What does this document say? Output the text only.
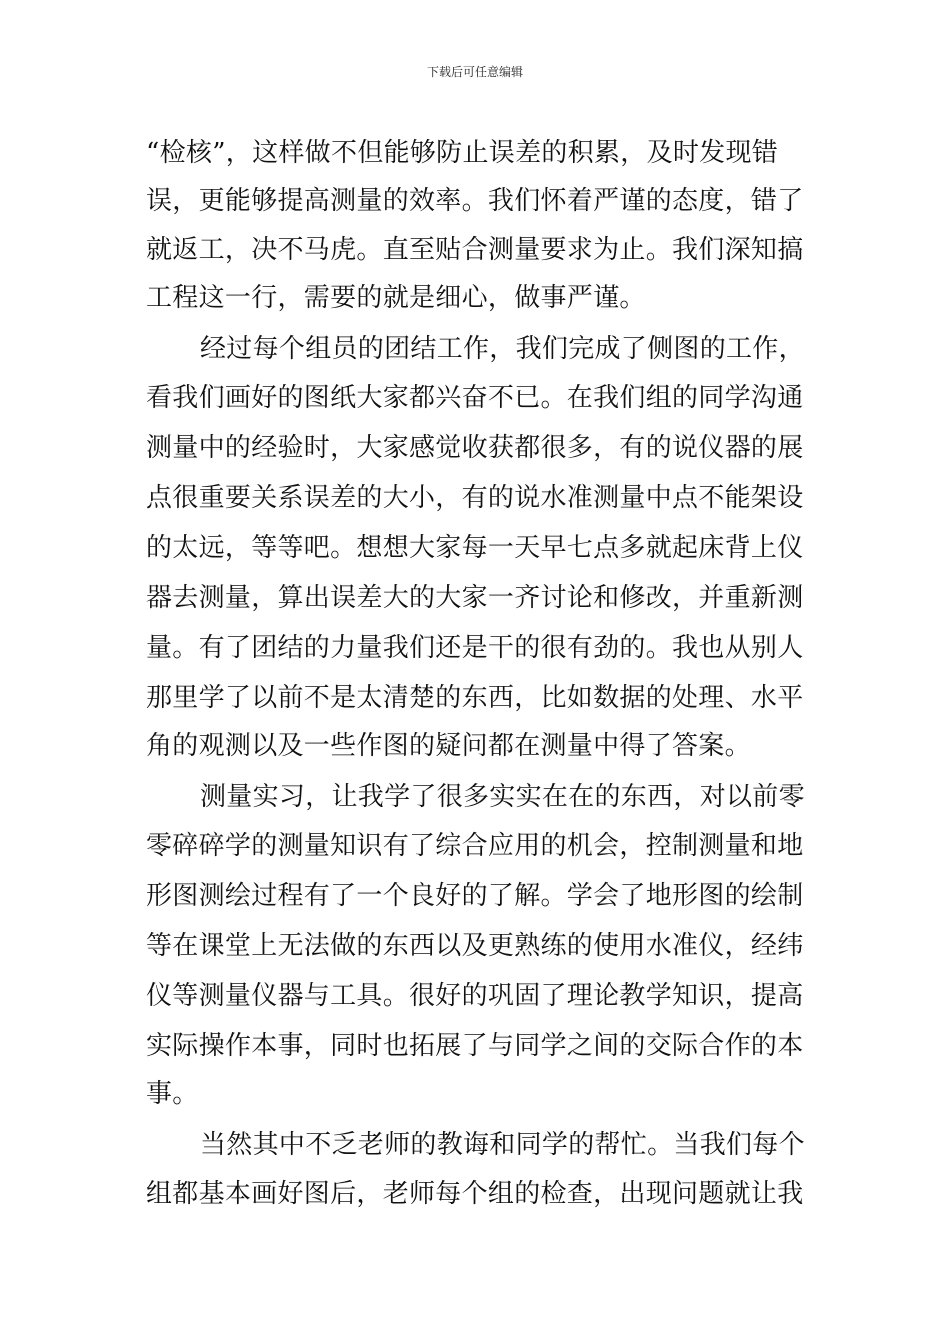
下载后可任意编辑
“检核”，这样做不但能够防止误差的积累，及时发现错
误，更能够提高测量的效率。我们怀着严谨的态度，错了
就返工，决不马虎。直至贴合测量要求为止。我们深知搞
工程这一行，需要的就是细心，做事严谨。
经过每个组员的团结工作，我们完成了侧图的工作，
看我们画好的图纸大家都兴奋不已。在我们组的同学沟通
测量中的经验时，大家感觉收获都很多，有的说仪器的展
点很重要关系误差的大小，有的说水准测量中点不能架设
的太远，等等吧。想想大家每一天早七点多就起床背上仪
器去测量，算出误差大的大家一齐讨论和修改，并重新测
量。有了团结的力量我们还是干的很有劲的。我也从别人
那里学了以前不是太清楚的东西，比如数据的处理、水平
角的观测以及一些作图的疑问都在测量中得了答案。
测量实习，让我学了很多实实在在的东西，对以前零
零碎碎学的测量知识有了综合应用的机会，控制测量和地
形图测绘过程有了一个良好的了解。学会了地形图的绘制
等在课堂上无法做的东西以及更熟练的使用水准仪，经纬
仪等测量仪器与工具。很好的巩固了理论教学知识，提高
实际操作本事，同时也拓展了与同学之间的交际合作的本
事。
当然其中不乏老师的教诲和同学的帮忙。当我们每个
组都基本画好图后，老师每个组的检查，出现问题就让我
